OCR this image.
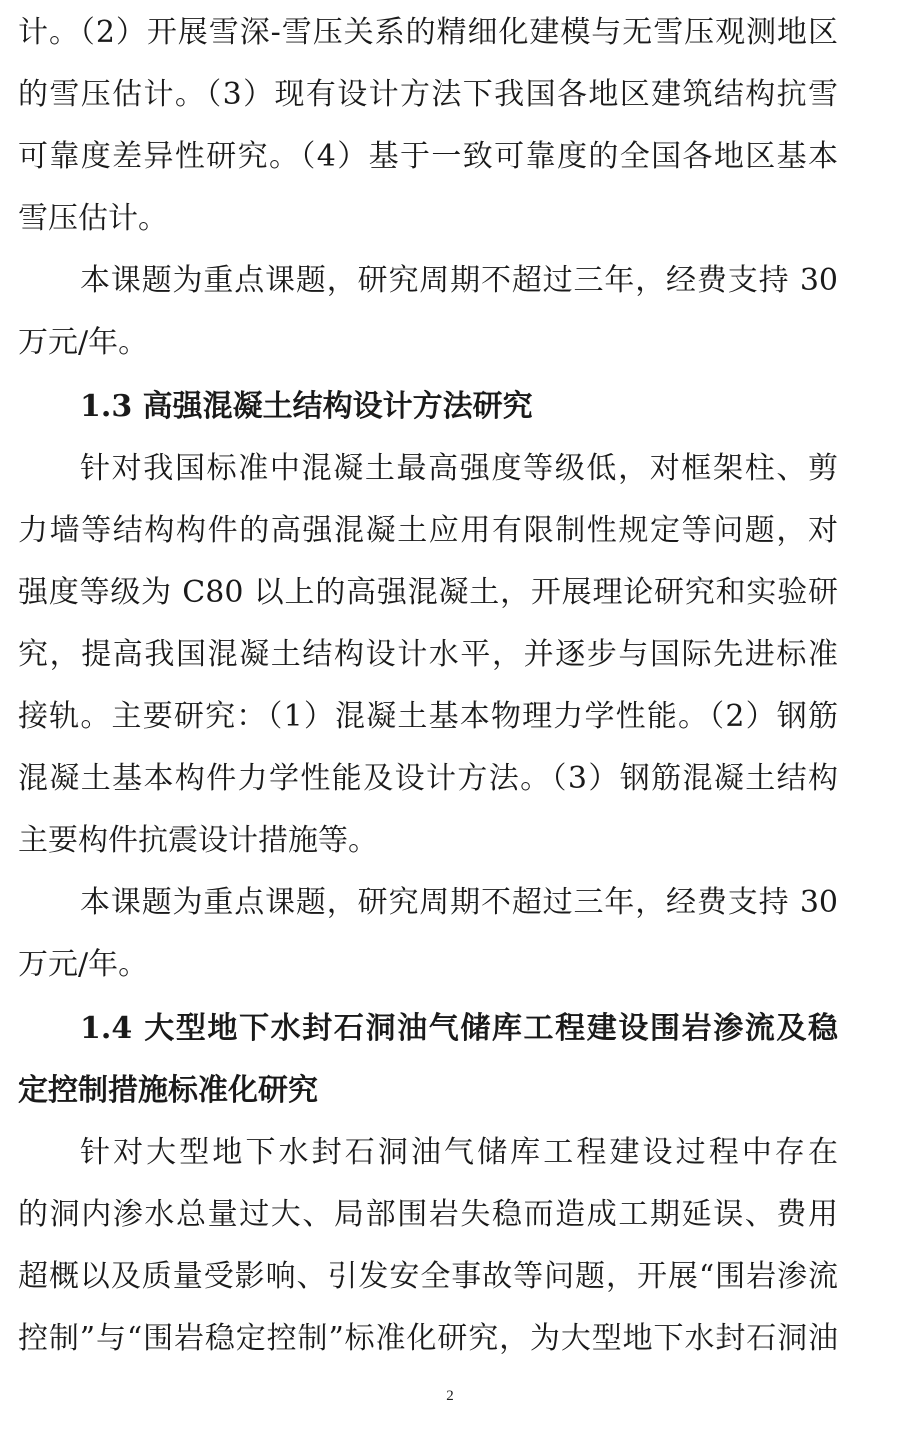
计。（2）开展雪深-雪压关系的精细化建模与无雪压观测地区
的雪压估计。（3）现有设计方法下我国各地区建筑结构抗雪
可靠度差异性研究。（4）基于一致可靠度的全国各地区基本
雪压估计。
本课题为重点课题，研究周期不超过三年，经费支持 30
万元/年。
1.3 高强混凝土结构设计方法研究
针对我国标准中混凝土最高强度等级低，对框架柱、剪
力墙等结构构件的高强混凝土应用有限制性规定等问题，对
强度等级为 C80 以上的高强混凝土，开展理论研究和实验研
究，提高我国混凝土结构设计水平，并逐步与国际先进标准
接轨。主要研究：（1）混凝土基本物理力学性能。（2）钢筋
混凝土基本构件力学性能及设计方法。（3）钢筋混凝土结构
主要构件抗震设计措施等。
本课题为重点课题，研究周期不超过三年，经费支持 30
万元/年。
1.4 大型地下水封石洞油气储库工程建设围岩渗流及稳
定控制措施标准化研究
针对大型地下水封石洞油气储库工程建设过程中存在
的洞内渗水总量过大、局部围岩失稳而造成工期延误、费用
超概以及质量受影响、引发安全事故等问题，开展“围岩渗流
控制”与“围岩稳定控制”标准化研究，为大型地下水封石洞油
2
